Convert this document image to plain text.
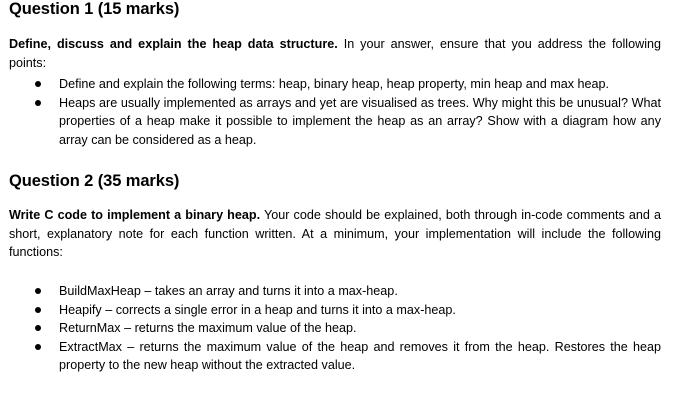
Question 1 (15 marks)
Define, discuss and explain the heap data structure. In your answer, ensure that you address the following points:
Define and explain the following terms: heap, binary heap, heap property, min heap and max heap.
Heaps are usually implemented as arrays and yet are visualised as trees. Why might this be unusual? What properties of a heap make it possible to implement the heap as an array? Show with a diagram how any array can be considered as a heap.
Question 2 (35 marks)
Write C code to implement a binary heap. Your code should be explained, both through in-code comments and a short, explanatory note for each function written. At a minimum, your implementation will include the following functions:
BuildMaxHeap – takes an array and turns it into a max-heap.
Heapify – corrects a single error in a heap and turns it into a max-heap.
ReturnMax – returns the maximum value of the heap.
ExtractMax – returns the maximum value of the heap and removes it from the heap. Restores the heap property to the new heap without the extracted value.
